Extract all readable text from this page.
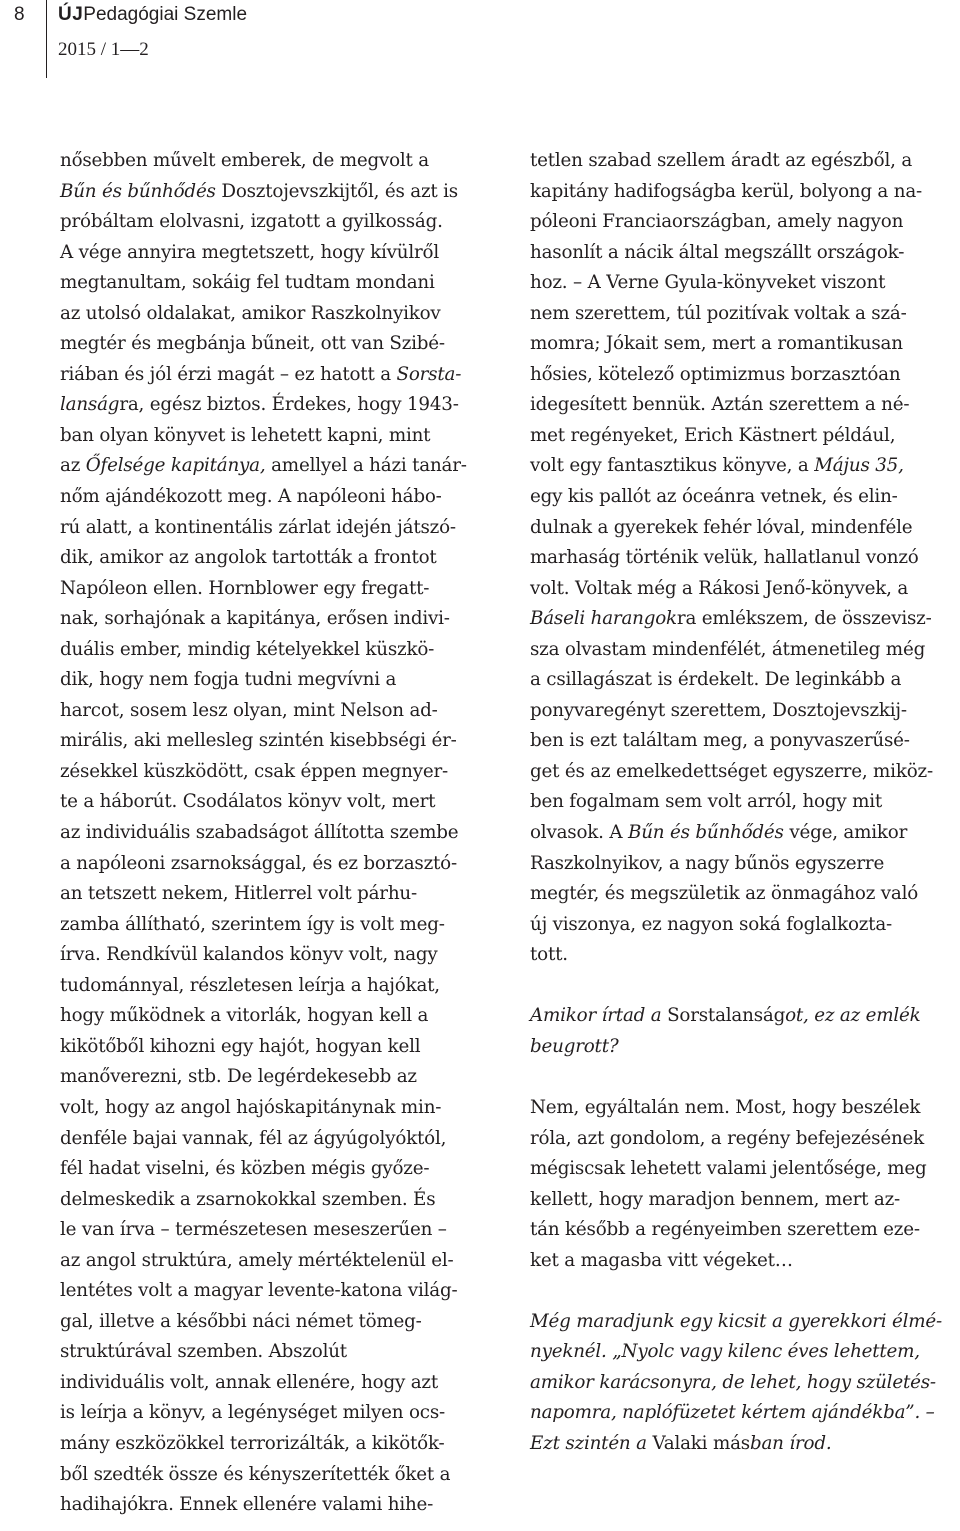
8 ÚJPedagógiai Szemle
2015 / 1—2
nősebben művelt emberek, de megvolt a
Bűn és bűnhődés Dosztojevszkijtől, és azt is
próbáltam elolvasni, izgatott a gyilkosság.
A vége annyira megtetszett, hogy kívülről
megtanultam, sokáig fel tudtam mondani
az utolsó oldalakat, amikor Raszkolnyikov
megtér és megbánja bűneit, ott van Szibé-
riában és jól érzi magát – ez hatott a Sorsta-
lanságra, egész biztos. Érdekes, hogy 1943-
ban olyan könyvet is lehetett kapni, mint
az Őfelsége kapitánya, amellyel a házi tanár-
nőm ajándékozott meg. A napóleoni hábo-
rú alatt, a kontinentális zárlat idején játszó-
dik, amikor az angolok tartották a frontot
Napóleon ellen. Hornblower egy fregatt-
nak, sorhajónak a kapitánya, erősen indivi-
duális ember, mindig kételyekkel küszkö-
dik, hogy nem fogja tudni megvívni a
harcot, sosem lesz olyan, mint Nelson ad-
mirális, aki mellesleg szintén kisebbségi ér-
zésekkel küszködött, csak éppen megnyer-
te a háborút. Csodálatos könyv volt, mert
az individuális szabadságot állította szembe
a napóleoni zsarnoksággal, és ez borzasztó-
an tetszett nekem, Hitlerrel volt párhu-
zamba állítható, szerintem így is volt meg-
írva. Rendkívül kalandos könyv volt, nagy
tudománnyal, részletesen leírja a hajókat,
hogy működnek a vitorlák, hogyan kell a
kikötőből kihozni egy hajót, hogyan kell
manőverezni, stb. De legérdekesebb az
volt, hogy az angol hajóskapitánynak min-
denféle bajai vannak, fél az ágyúgolyóktól,
fél hadat viselni, és közben mégis győze-
delmeskedik a zsarnokokkal szemben. És
le van írva – természetesen meseszerűen –
az angol struktúra, amely mértéktelenül el-
lentétes volt a magyar levente-katona világ-
gal, illetve a későbbi náci német tömeg-
struktúrával szemben. Abszolút
individuális volt, annak ellenére, hogy azt
is leírja a könyv, a legénységet milyen ocs-
mány eszközökkel terrorizálták, a kikötők-
ből szedték össze és kényszerítették őket a
hadihajókra. Ennek ellenére valami hihe-
tetlen szabad szellem áradt az egészből, a
kapitány hadifogságba kerül, bolyong a na-
póleoni Franciaországban, amely nagyon
hasonlít a nácik által megszállt országok-
hoz. – A Verne Gyula-könyveket viszont
nem szerettem, túl pozitívak voltak a szá-
momra; Jókait sem, mert a romantikusan
hősies, kötelező optimizmus borzasztóan
idegesített bennük. Aztán szerettem a né-
met regényeket, Erich Kästnert például,
volt egy fantasztikus könyve, a Május 35,
egy kis pallót az óceánra vetnek, és elin-
dulnak a gyerekek fehér lóval, mindenféle
marhaság történik velük, hallatlanul vonzó
volt. Voltak még a Rákosi Jenő-könyvek, a
Báseli harangokra emlékszem, de összevisz-
sza olvastam mindenfélét, átmenetileg még
a csillagászat is érdekelt. De leginkább a
ponyvaregényt szerettem, Dosztojevszkij-
ben is ezt találtam meg, a ponyvaszerűsé-
get és az emelkedettséget egyszerre, miköz-
ben fogalmam sem volt arról, hogy mit
olvasok. A Bűn és bűnhődés vége, amikor
Raszkolnyikov, a nagy bűnös egyszerre
megtér, és megszületik az önmagához való
új viszonya, ez nagyon soká foglalkozta-
tott.
Amikor írtad a Sorstalanságot, ez az emlék
beugrott?
Nem, egyáltalán nem. Most, hogy beszélek
róla, azt gondolom, a regény befejezésének
mégiscsak lehetett valami jelentősége, meg
kellett, hogy maradjon bennem, mert az-
tán később a regényeimben szerettem eze-
ket a magasba vitt végeket…
Még maradjunk egy kicsit a gyerekkori élmé-
nyeknél. „Nyolc vagy kilenc éves lehettem,
amikor karácsonyra, de lehet, hogy születés-
napomra, naplófüzetet kértem ajándékba”. –
Ezt szintén a Valaki másban írod.
